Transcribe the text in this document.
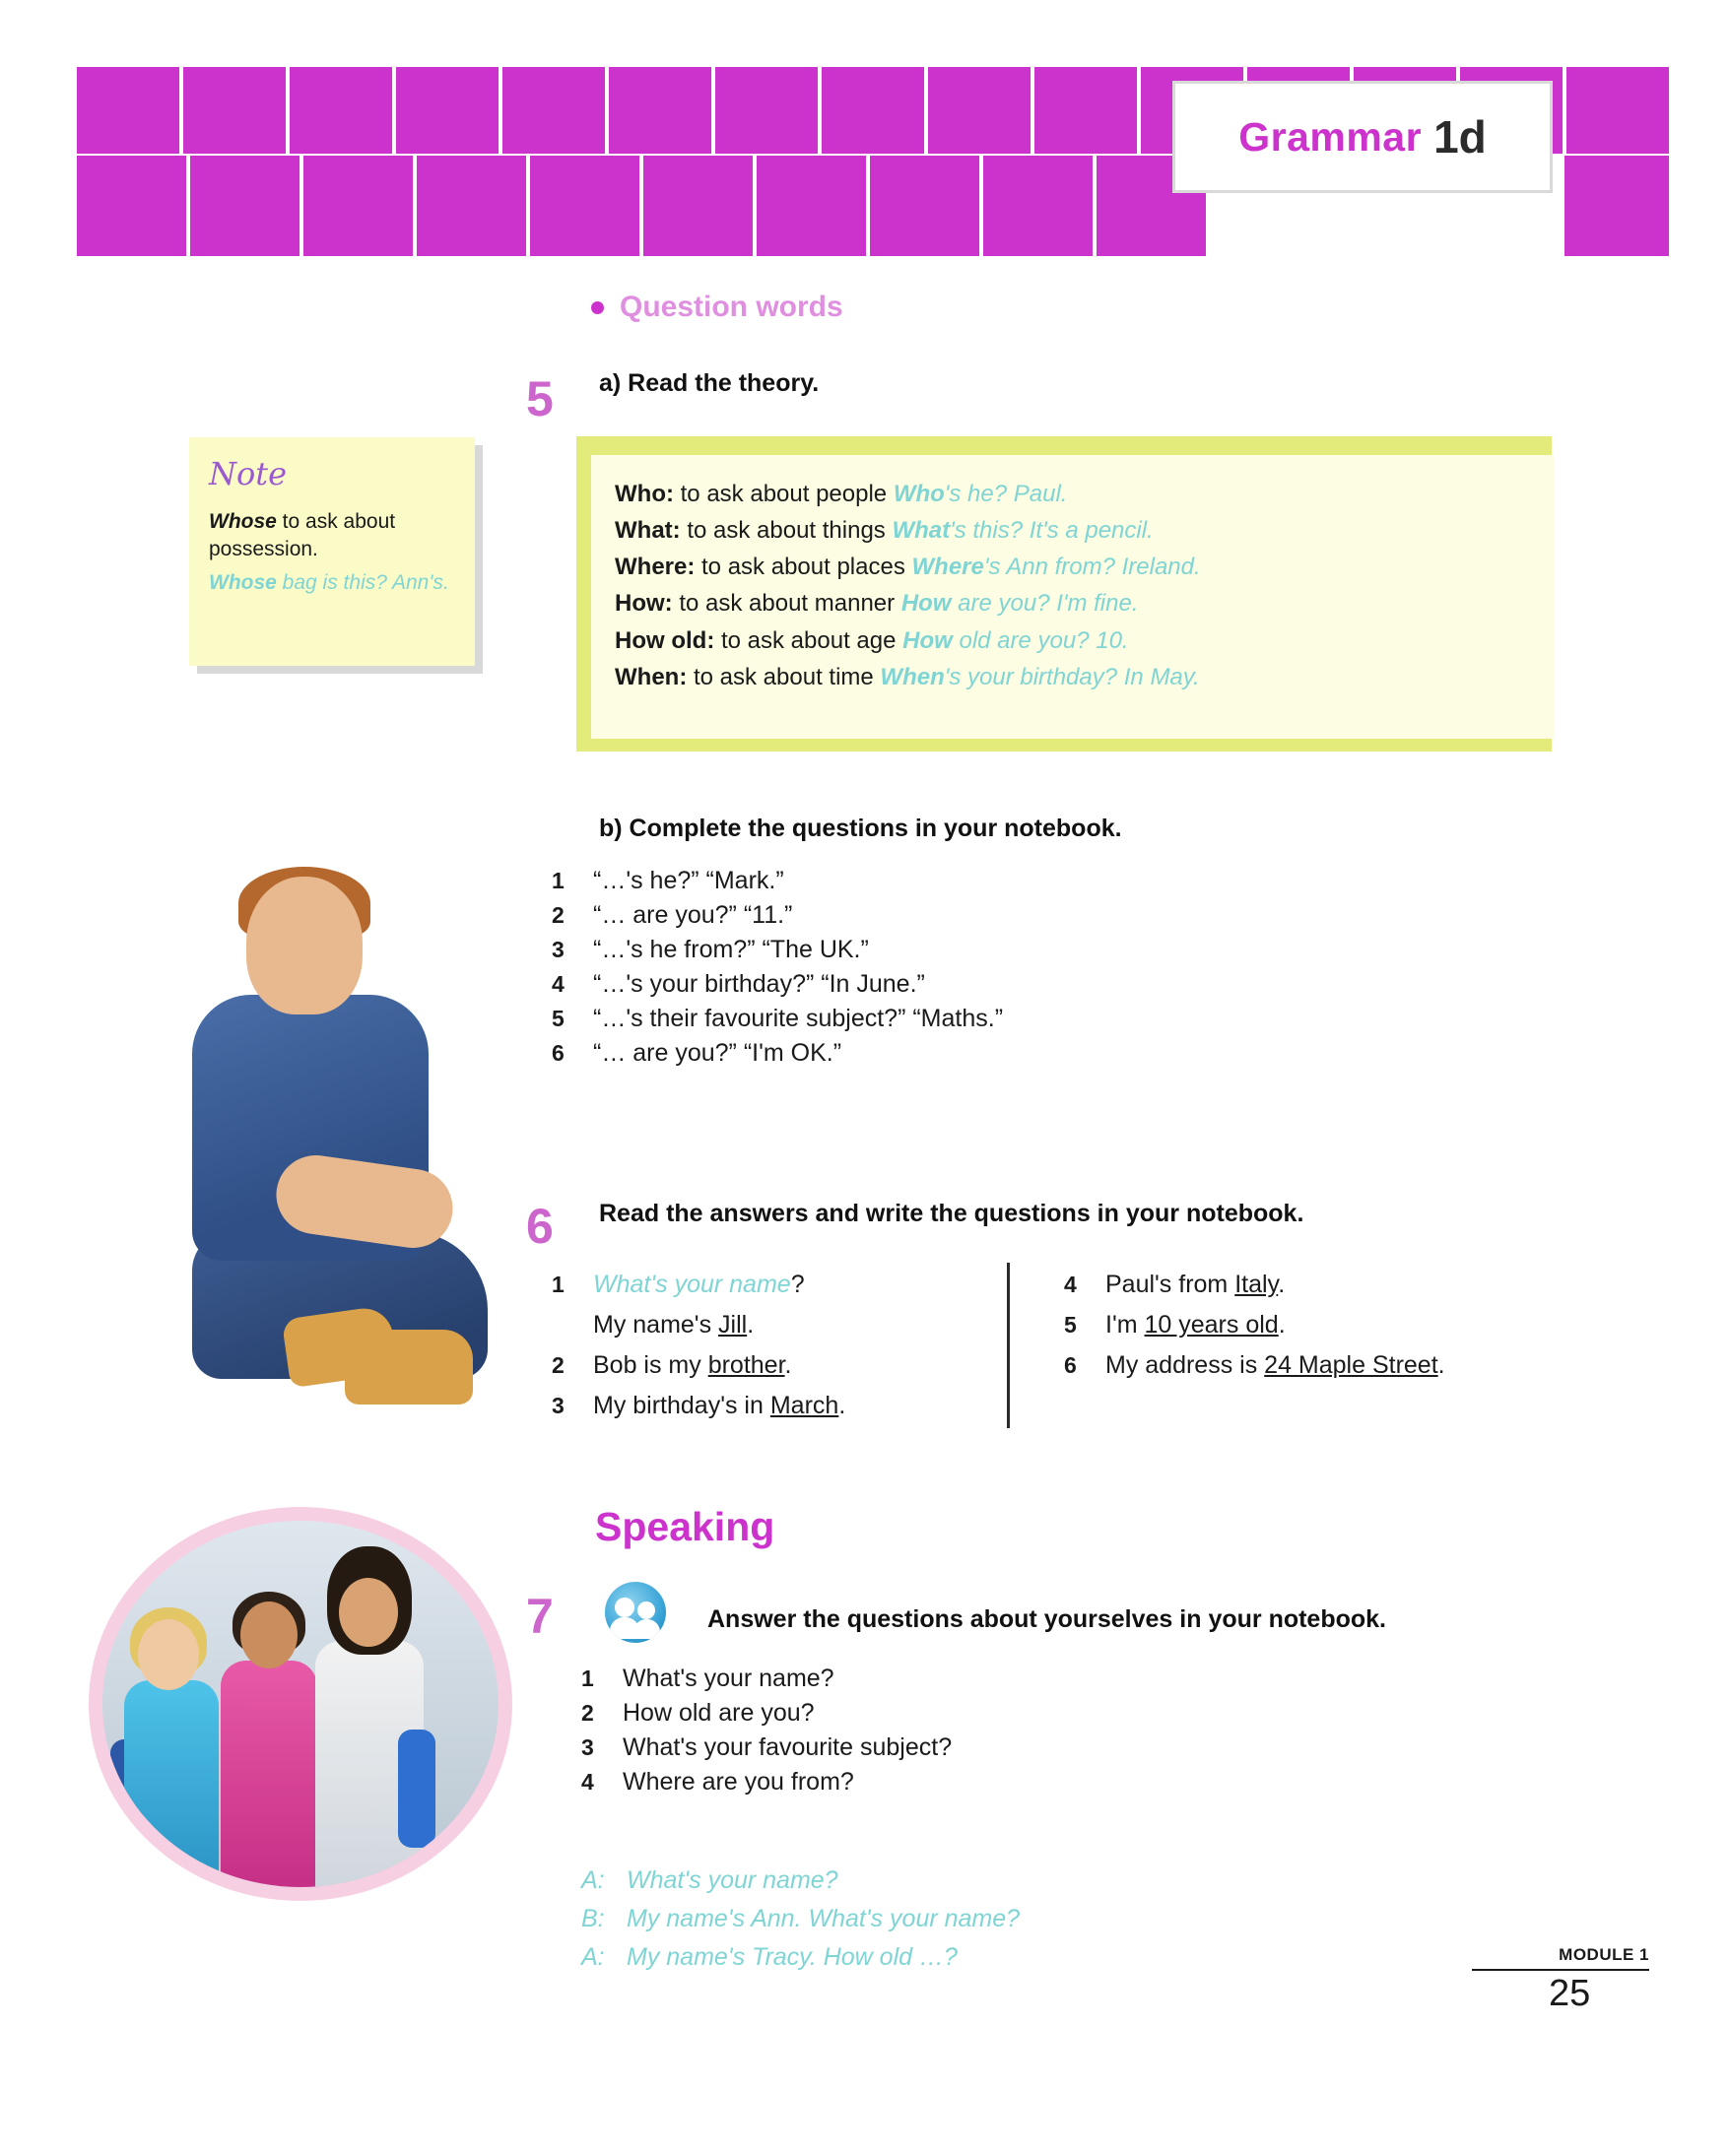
Grammar 1d
Question words
5 a) Read the theory.
Note
Whose to ask about possession.
Whose bag is this? Ann's.
Who: to ask about people Who's he? Paul.
What: to ask about things What's this? It's a pencil.
Where: to ask about places Where's Ann from? Ireland.
How: to ask about manner How are you? I'm fine.
How old: to ask about age How old are you? 10.
When: to ask about time When's your birthday? In May.
b) Complete the questions in your notebook.
1	“…'s he?” “Mark.”
2	“… are you?” “11.”
3	“…'s he from?” “The UK.”
4	“…'s your birthday?” “In June.”
5	“…'s their favourite subject?” “Maths.”
6	“… are you?” “I'm OK.”
6 Read the answers and write the questions in your notebook.
1	What's your name?
My name's Jill.
2	Bob is my brother.
3	My birthday's in March.
4	Paul's from Italy.
5	I'm 10 years old.
6	My address is 24 Maple Street.
Speaking
7	Answer the questions about yourselves in your notebook.
1	What's your name?
2	How old are you?
3	What's your favourite subject?
4	Where are you from?
A: What's your name?
B: My name's Ann. What's your name?
A: My name's Tracy. How old …?	MODULE 1
25
